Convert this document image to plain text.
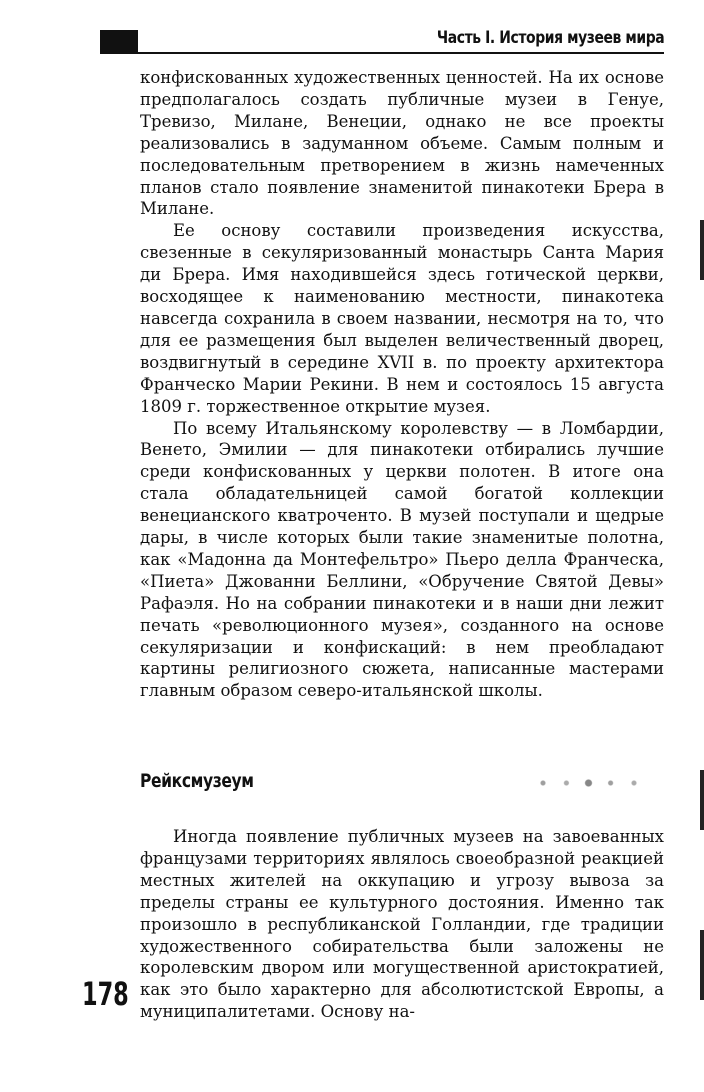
Часть I. История музеев мира

конфискованных художественных ценностей. На их основе предполагалось создать публичные музеи в Генуе, Тревизо, Милане, Венеции, однако не все проекты реализовались в задуманном объеме. Самым полным и последовательным претворением в жизнь намеченных планов стало появление знаменитой пинакотеки Брера в Милане.

Ее основу составили произведения искусства, свезенные в секуляризованный монастырь Санта Мария ди Брера. Имя находившейся здесь готической церкви, восходящее к наименованию местности, пинакотека навсегда сохранила в своем названии, несмотря на то, что для ее размещения был выделен величественный дворец, воздвигнутый в середине XVII в. по проекту архитектора Франческо Марии Рекини. В нем и состоялось 15 августа 1809 г. торжественное открытие музея.

По всему Итальянскому королевству — в Ломбардии, Венето, Эмилии — для пинакотеки отбирались лучшие среди конфискованных у церкви полотен. В итоге она стала обладательницей самой богатой коллекции венецианского кватроченто. В музей поступали и щедрые дары, в числе которых были такие знаменитые полотна, как «Мадонна да Монтефельтро» Пьеро делла Франческа, «Пиета» Джованни Беллини, «Обручение Святой Девы» Рафаэля. Но на собрании пинакотеки и в наши дни лежит печать «революционного музея», созданного на основе секуляризации и конфискаций: в нем преобладают картины религиозного сюжета, написанные мастерами главным образом северо-итальянской школы.

Рейксмузеум

Иногда появление публичных музеев на завоеванных французами территориях являлось своеобразной реакцией местных жителей на оккупацию и угрозу вывоза за пределы страны ее культурного достояния. Именно так произошло в республиканской Голландии, где традиции художественного собирательства были заложены не королевским двором или могущественной аристократией, как это было характерно для абсолютистской Европы, а муниципалитетами. Основу на-

178
